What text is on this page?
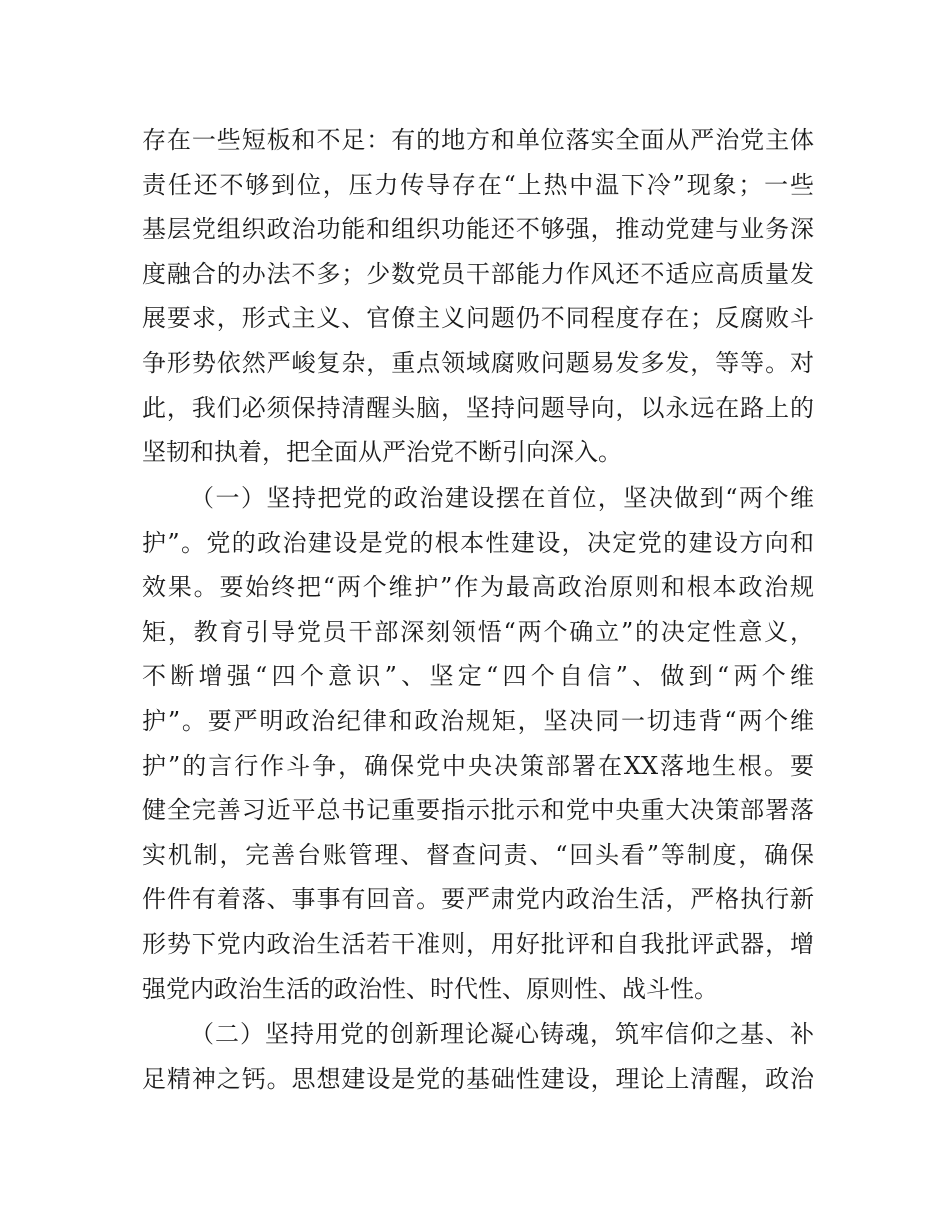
存在一些短板和不足：有的地方和单位落实全面从严治党主体
责任还不够到位，压力传导存在“上热中温下冷”现象；一些
基层党组织政治功能和组织功能还不够强，推动党建与业务深
度融合的办法不多；少数党员干部能力作风还不适应高质量发
展要求，形式主义、官僚主义问题仍不同程度存在；反腐败斗
争形势依然严峻复杂，重点领域腐败问题易发多发，等等。对
此，我们必须保持清醒头脑，坚持问题导向，以永远在路上的
坚韧和执着，把全面从严治党不断引向深入。
（一）坚持把党的政治建设摆在首位，坚决做到“两个维
护”。党的政治建设是党的根本性建设，决定党的建设方向和
效果。要始终把“两个维护”作为最高政治原则和根本政治规
矩，教育引导党员干部深刻领悟“两个确立”的决定性意义，
不断增强“四个意识”、坚定“四个自信”、做到“两个维
护”。要严明政治纪律和政治规矩，坚决同一切违背“两个维
护”的言行作斗争，确保党中央决策部署在XX落地生根。要
健全完善习近平总书记重要指示批示和党中央重大决策部署落
实机制，完善台账管理、督查问责、“回头看”等制度，确保
件件有着落、事事有回音。要严肃党内政治生活，严格执行新
形势下党内政治生活若干准则，用好批评和自我批评武器，增
强党内政治生活的政治性、时代性、原则性、战斗性。
（二）坚持用党的创新理论凝心铸魂，筑牢信仰之基、补
足精神之钙。思想建设是党的基础性建设，理论上清醒，政治
